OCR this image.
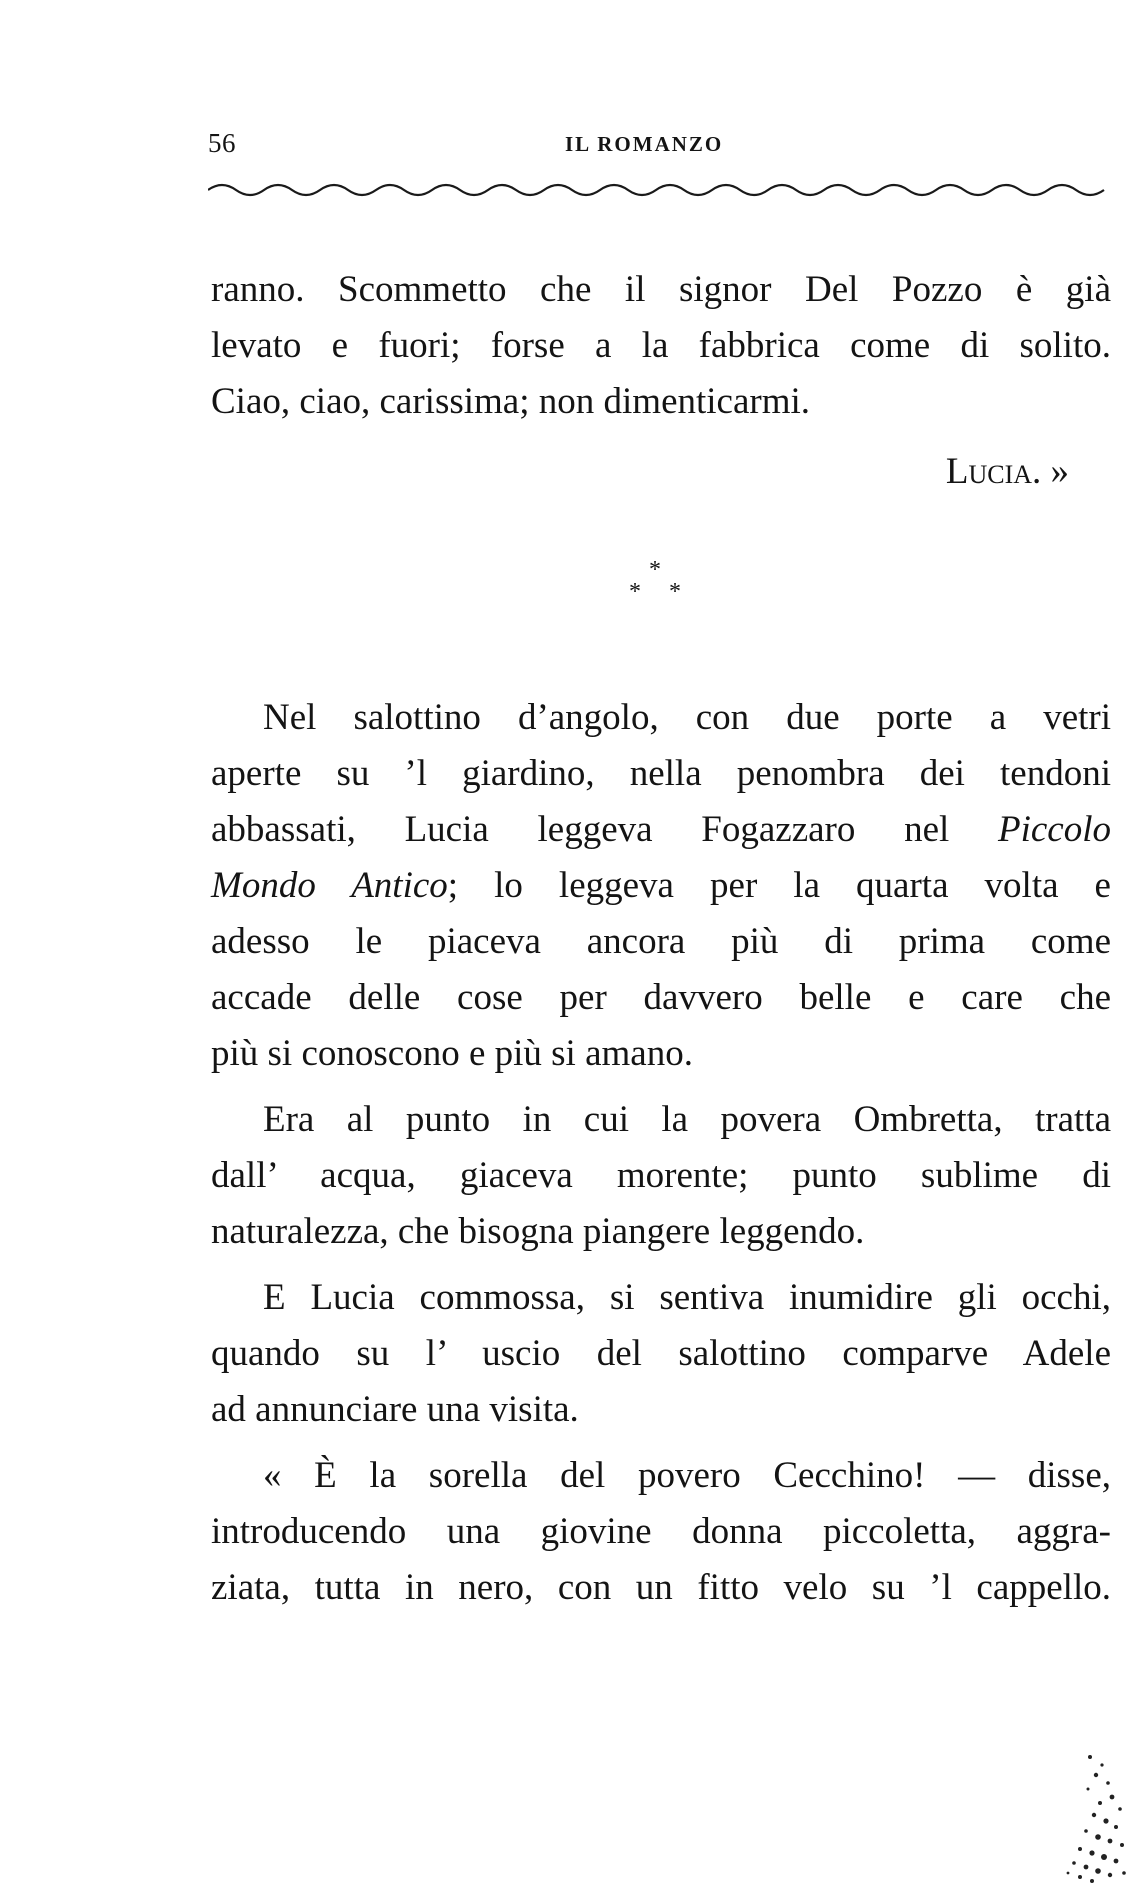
56	IL ROMANZO
ranno. Scommetto che il signor Del Pozzo è già
levato e fuori; forse a la fabbrica come di solito.
Ciao, ciao, carissima; non dimenticarmi.
Lucia. »
*
* *
Nel salottino d’angolo, con due porte a vetri
aperte su ’l giardino, nella penombra dei tendoni
abbassati, Lucia leggeva Fogazzaro nel Piccolo
Mondo Antico; lo leggeva per la quarta volta e
adesso le piaceva ancora più di prima come
accade delle cose per davvero belle e care che
più si conoscono e più si amano.
Era al punto in cui la povera Ombretta, tratta
dall’ acqua, giaceva morente; punto sublime di
naturalezza, che bisogna piangere leggendo.
E Lucia commossa, si sentiva inumidire gli occhi,
quando su l’ uscio del salottino comparve Adele
ad annunciare una visita.
« È la sorella del povero Cecchino! — disse,
introducendo una giovine donna piccoletta, aggra-
ziata, tutta in nero, con un fitto velo su ’l cappello.
